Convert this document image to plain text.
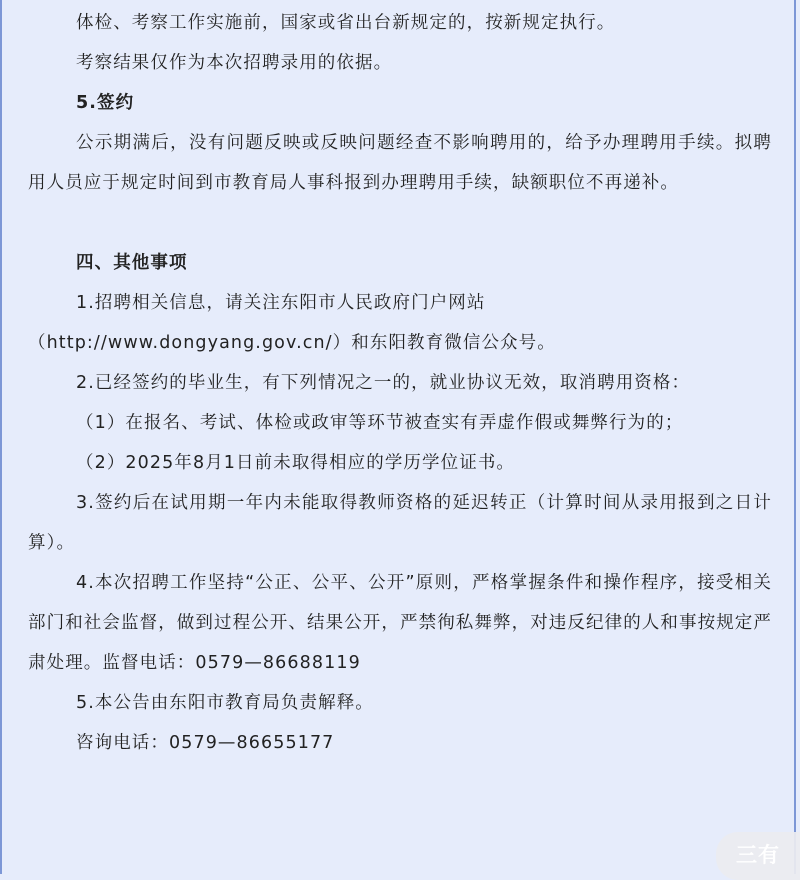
体检、考察工作实施前，国家或省出台新规定的，按新规定执行。

考察结果仅作为本次招聘录用的依据。

5.签约

公示期满后，没有问题反映或反映问题经查不影响聘用的，给予办理聘用手续。拟聘用人员应于规定时间到市教育局人事科报到办理聘用手续，缺额职位不再递补。

四、其他事项

1.招聘相关信息，请关注东阳市人民政府门户网站

（http://www.dongyang.gov.cn/）和东阳教育微信公众号。

2.已经签约的毕业生，有下列情况之一的，就业协议无效，取消聘用资格：

（1）在报名、考试、体检或政审等环节被查实有弄虚作假或舞弊行为的；

（2）2025年8月1日前未取得相应的学历学位证书。

3.签约后在试用期一年内未能取得教师资格的延迟转正（计算时间从录用报到之日计算）。

4.本次招聘工作坚持“公正、公平、公开”原则，严格掌握条件和操作程序，接受相关部门和社会监督，做到过程公开、结果公开，严禁徇私舞弊，对违反纪律的人和事按规定严肃处理。监督电话：0579—86688119

5.本公告由东阳市教育局负责解释。

咨询电话：0579—86655177

三有
